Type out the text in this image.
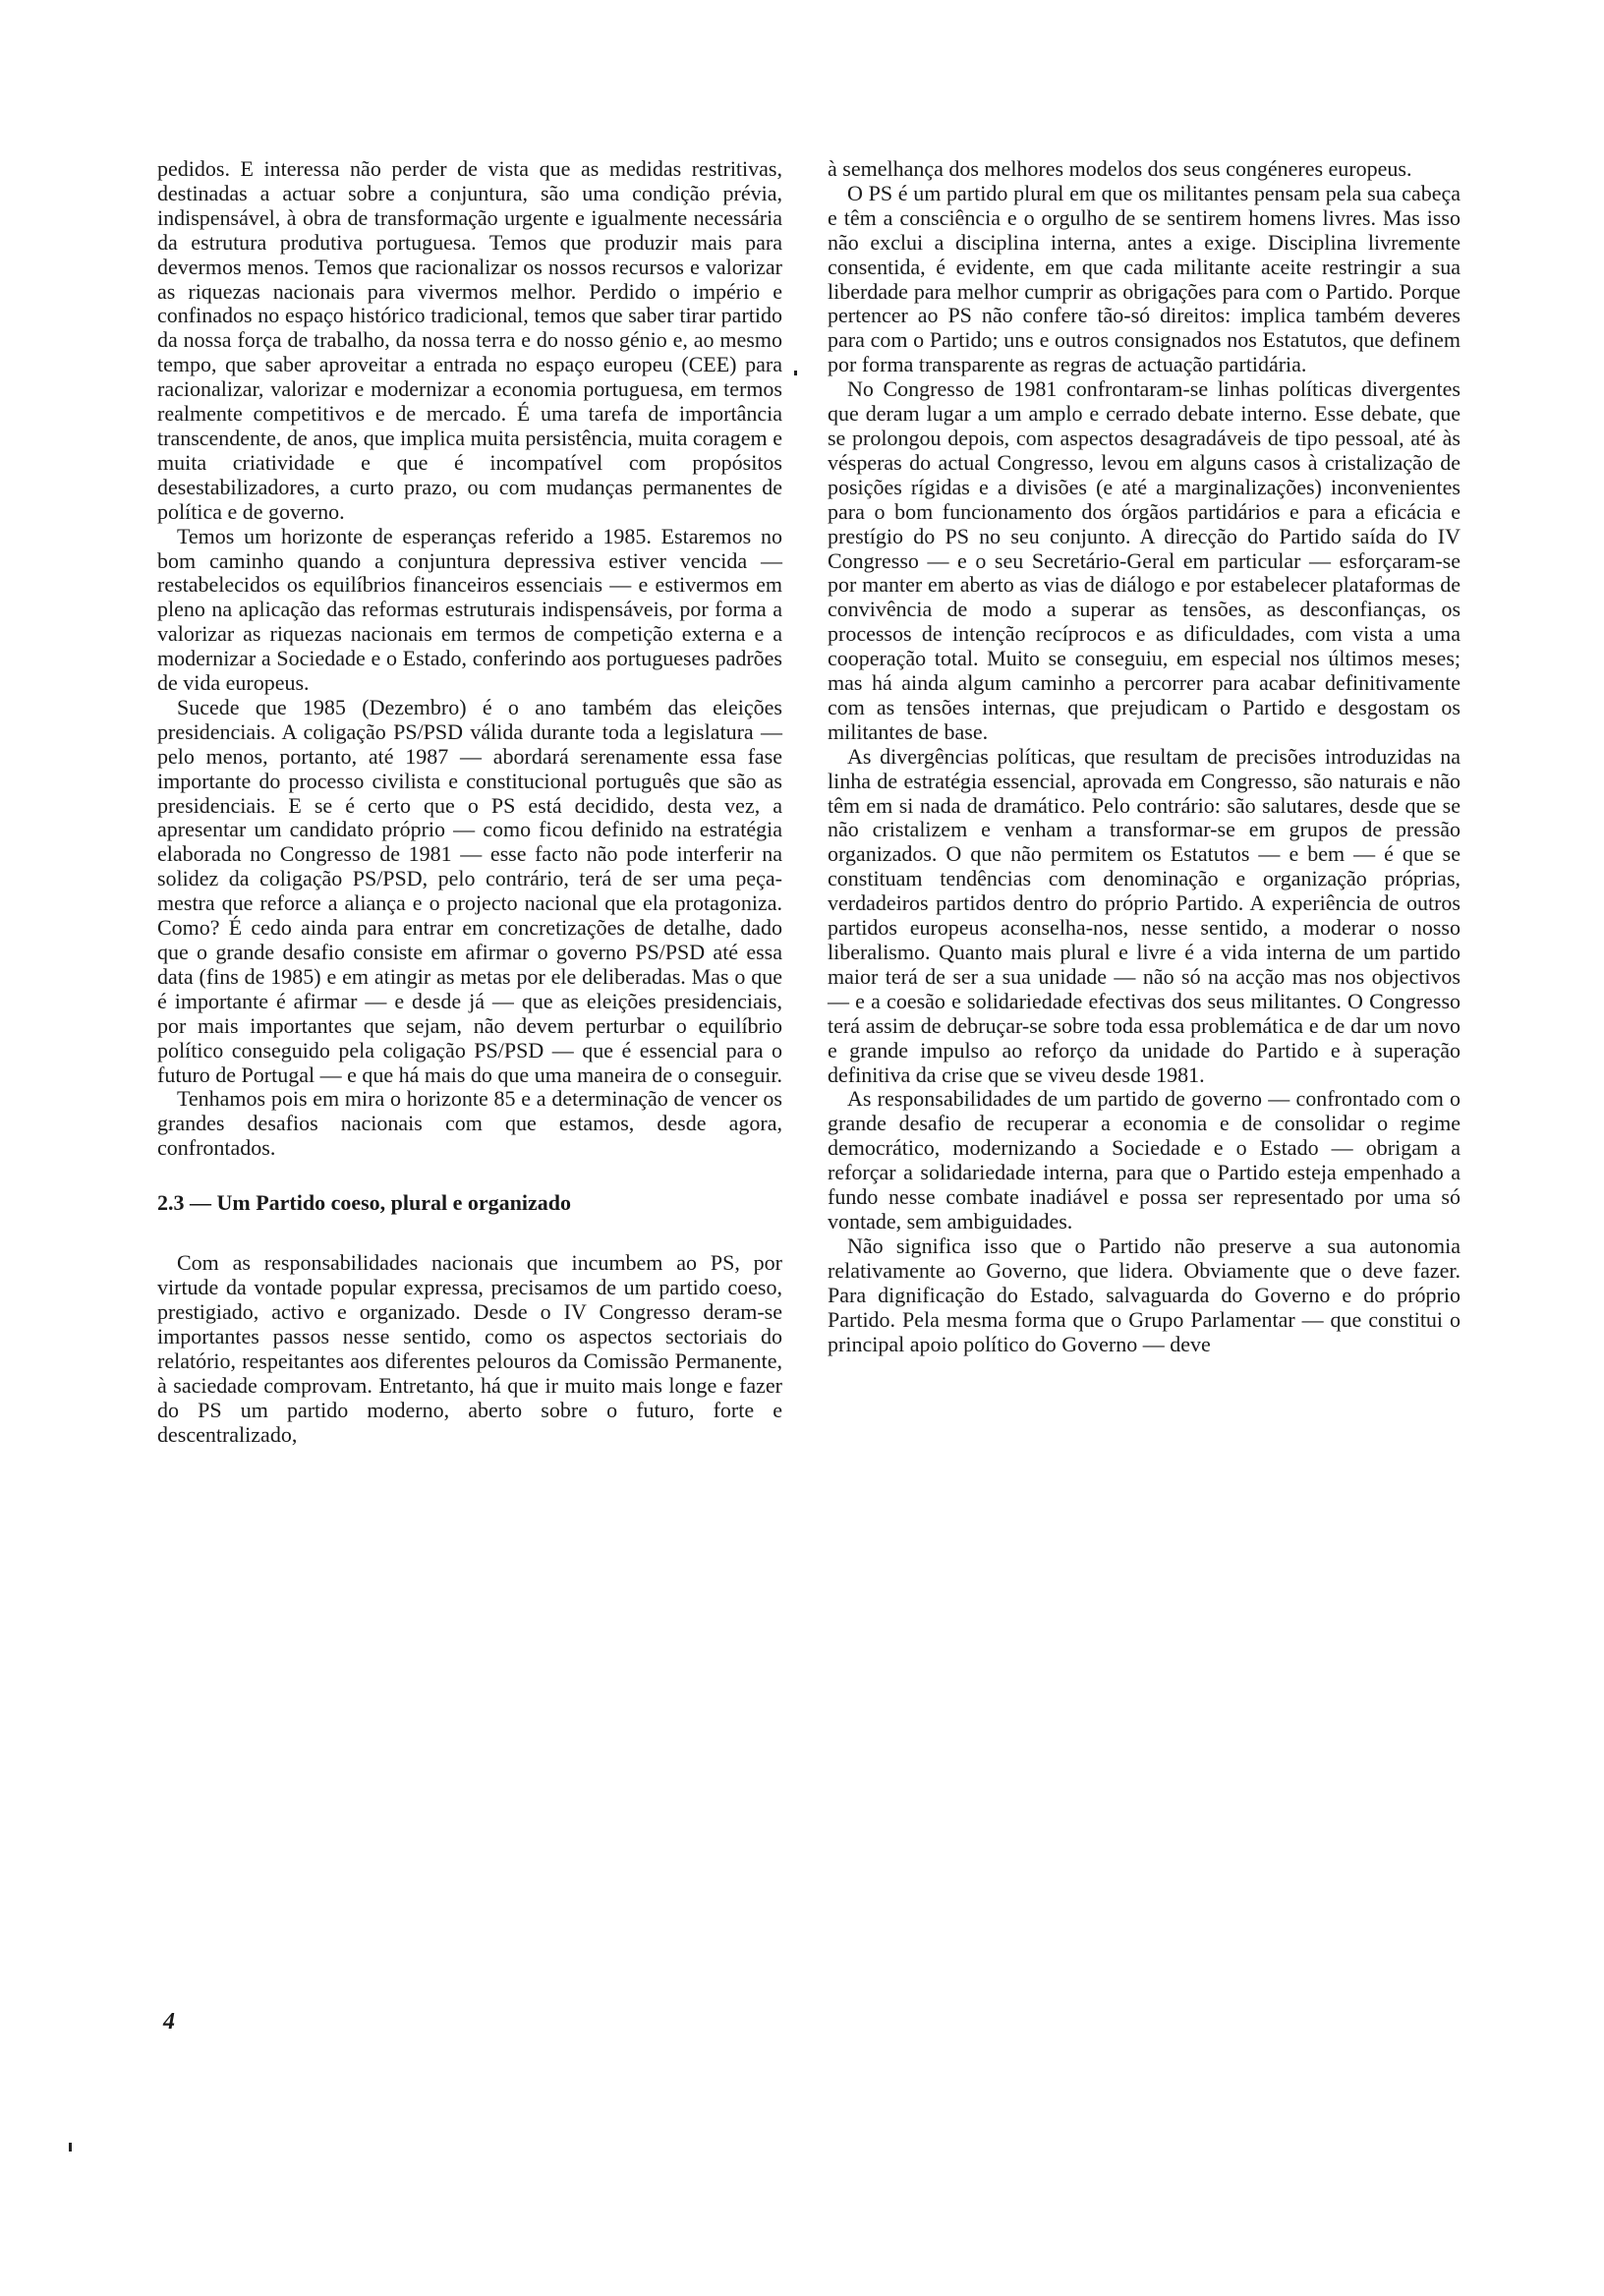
pedidos. E interessa não perder de vista que as medidas restritivas, destinadas a actuar sobre a conjuntura, são uma condição prévia, indispensável, à obra de transformação urgente e igualmente necessária da estrutura produtiva portuguesa. Temos que produzir mais para devermos menos. Temos que racionalizar os nossos recursos e valorizar as riquezas nacionais para vivermos melhor. Perdido o império e confinados no espaço histórico tradicional, temos que saber tirar partido da nossa força de trabalho, da nossa terra e do nosso génio e, ao mesmo tempo, que saber aproveitar a entrada no espaço europeu (CEE) para racionalizar, valorizar e modernizar a economia portuguesa, em termos realmente competitivos e de mercado. É uma tarefa de importância transcendente, de anos, que implica muita persistência, muita coragem e muita criatividade e que é incompatível com propósitos desestabilizadores, a curto prazo, ou com mudanças permanentes de política e de governo.

Temos um horizonte de esperanças referido a 1985. Estaremos no bom caminho quando a conjuntura depressiva estiver vencida — restabelecidos os equilíbrios financeiros essenciais — e estivermos em pleno na aplicação das reformas estruturais indispensáveis, por forma a valorizar as riquezas nacionais em termos de competição externa e a modernizar a Sociedade e o Estado, conferindo aos portugueses padrões de vida europeus.

Sucede que 1985 (Dezembro) é o ano também das eleições presidenciais. A coligação PS/PSD válida durante toda a legislatura — pelo menos, portanto, até 1987 — abordará serenamente essa fase importante do processo civilista e constitucional português que são as presidenciais. E se é certo que o PS está decidido, desta vez, a apresentar um candidato próprio — como ficou definido na estratégia elaborada no Congresso de 1981 — esse facto não pode interferir na solidez da coligação PS/PSD, pelo contrário, terá de ser uma peça-mestra que reforce a aliança e o projecto nacional que ela protagoniza. Como? É cedo ainda para entrar em concretizações de detalhe, dado que o grande desafio consiste em afirmar o governo PS/PSD até essa data (fins de 1985) e em atingir as metas por ele deliberadas. Mas o que é importante é afirmar — e desde já — que as eleições presidenciais, por mais importantes que sejam, não devem perturbar o equilíbrio político conseguido pela coligação PS/PSD — que é essencial para o futuro de Portugal — e que há mais do que uma maneira de o conseguir.

Tenhamos pois em mira o horizonte 85 e a determinação de vencer os grandes desafios nacionais com que estamos, desde agora, confrontados.

2.3 — Um Partido coeso, plural e organizado

Com as responsabilidades nacionais que incumbem ao PS, por virtude da vontade popular expressa, precisamos de um partido coeso, prestigiado, activo e organizado. Desde o IV Congresso deram-se importantes passos nesse sentido, como os aspectos sectoriais do relatório, respeitantes aos diferentes pelouros da Comissão Permanente, à saciedade comprovam. Entretanto, há que ir muito mais longe e fazer do PS um partido moderno, aberto sobre o futuro, forte e descentralizado,

à semelhança dos melhores modelos dos seus congéneres europeus.

O PS é um partido plural em que os militantes pensam pela sua cabeça e têm a consciência e o orgulho de se sentirem homens livres. Mas isso não exclui a disciplina interna, antes a exige. Disciplina livremente consentida, é evidente, em que cada militante aceite restringir a sua liberdade para melhor cumprir as obrigações para com o Partido. Porque pertencer ao PS não confere tão-só direitos: implica também deveres para com o Partido; uns e outros consignados nos Estatutos, que definem por forma transparente as regras de actuação partidária.

No Congresso de 1981 confrontaram-se linhas políticas divergentes que deram lugar a um amplo e cerrado debate interno. Esse debate, que se prolongou depois, com aspectos desagradáveis de tipo pessoal, até às vésperas do actual Congresso, levou em alguns casos à cristalização de posições rígidas e a divisões (e até a marginalizações) inconvenientes para o bom funcionamento dos órgãos partidários e para a eficácia e prestígio do PS no seu conjunto. A direcção do Partido saída do IV Congresso — e o seu Secretário-Geral em particular — esforçaram-se por manter em aberto as vias de diálogo e por estabelecer plataformas de convivência de modo a superar as tensões, as desconfianças, os processos de intenção recíprocos e as dificuldades, com vista a uma cooperação total. Muito se conseguiu, em especial nos últimos meses; mas há ainda algum caminho a percorrer para acabar definitivamente com as tensões internas, que prejudicam o Partido e desgostam os militantes de base.

As divergências políticas, que resultam de precisões introduzidas na linha de estratégia essencial, aprovada em Congresso, são naturais e não têm em si nada de dramático. Pelo contrário: são salutares, desde que se não cristalizem e venham a transformar-se em grupos de pressão organizados. O que não permitem os Estatutos — e bem — é que se constituam tendências com denominação e organização próprias, verdadeiros partidos dentro do próprio Partido. A experiência de outros partidos europeus aconselha-nos, nesse sentido, a moderar o nosso liberalismo. Quanto mais plural e livre é a vida interna de um partido maior terá de ser a sua unidade — não só na acção mas nos objectivos — e a coesão e solidariedade efectivas dos seus militantes. O Congresso terá assim de debruçar-se sobre toda essa problemática e de dar um novo e grande impulso ao reforço da unidade do Partido e à superação definitiva da crise que se viveu desde 1981.

As responsabilidades de um partido de governo — confrontado com o grande desafio de recuperar a economia e de consolidar o regime democrático, modernizando a Sociedade e o Estado — obrigam a reforçar a solidariedade interna, para que o Partido esteja empenhado a fundo nesse combate inadiável e possa ser representado por uma só vontade, sem ambiguidades.

Não significa isso que o Partido não preserve a sua autonomia relativamente ao Governo, que lidera. Obviamente que o deve fazer. Para dignificação do Estado, salvaguarda do Governo e do próprio Partido. Pela mesma forma que o Grupo Parlamentar — que constitui o principal apoio político do Governo — deve

4
